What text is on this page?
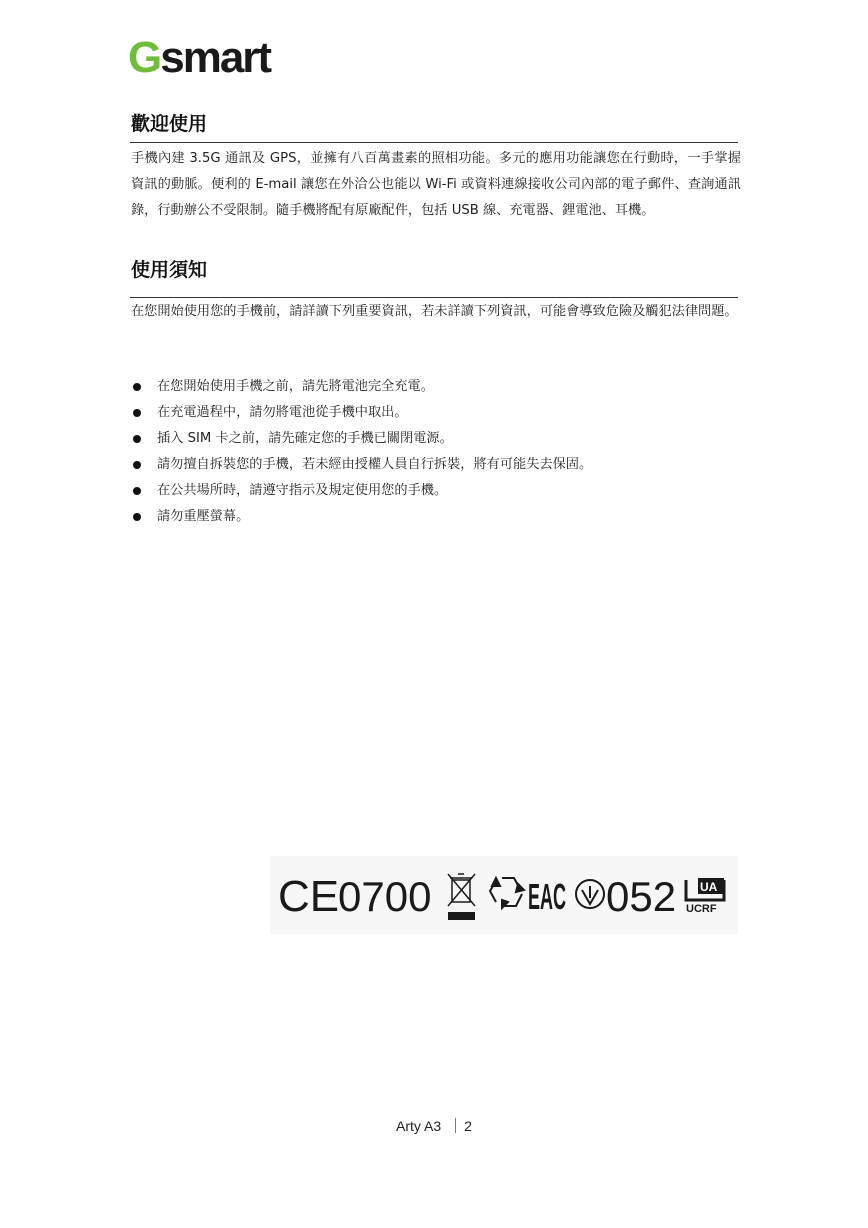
Gsmart
歡迎使用

手機內建 3.5G 通訊及 GPS，並擁有八百萬畫素的照相功能。多元的應用功能讓您在行動時，一手掌握資訊的動脈。便利的 E-mail 讓您在外洽公也能以 Wi-Fi 或資料連線接收公司內部的電子郵件、查詢通訊錄，行動辦公不受限制。隨手機將配有原廠配件，包括 USB 線、充電器、鋰電池、耳機。

使用須知

在您開始使用您的手機前，請詳讀下列重要資訊，若未詳讀下列資訊，可能會導致危險及觸犯法律問題。

在您開始使用手機之前，請先將電池完全充電。
在充電過程中，請勿將電池從手機中取出。
插入 SIM 卡之前，請先確定您的手機已關閉電源。
請勿擅自拆裝您的手機，若未經由授權人員自行拆裝，將有可能失去保固。
在公共場所時，請遵守指示及規定使用您的手機。
請勿重壓螢幕。
CE
0700	EAC 052 UA
UCRF
Arty A3 2
